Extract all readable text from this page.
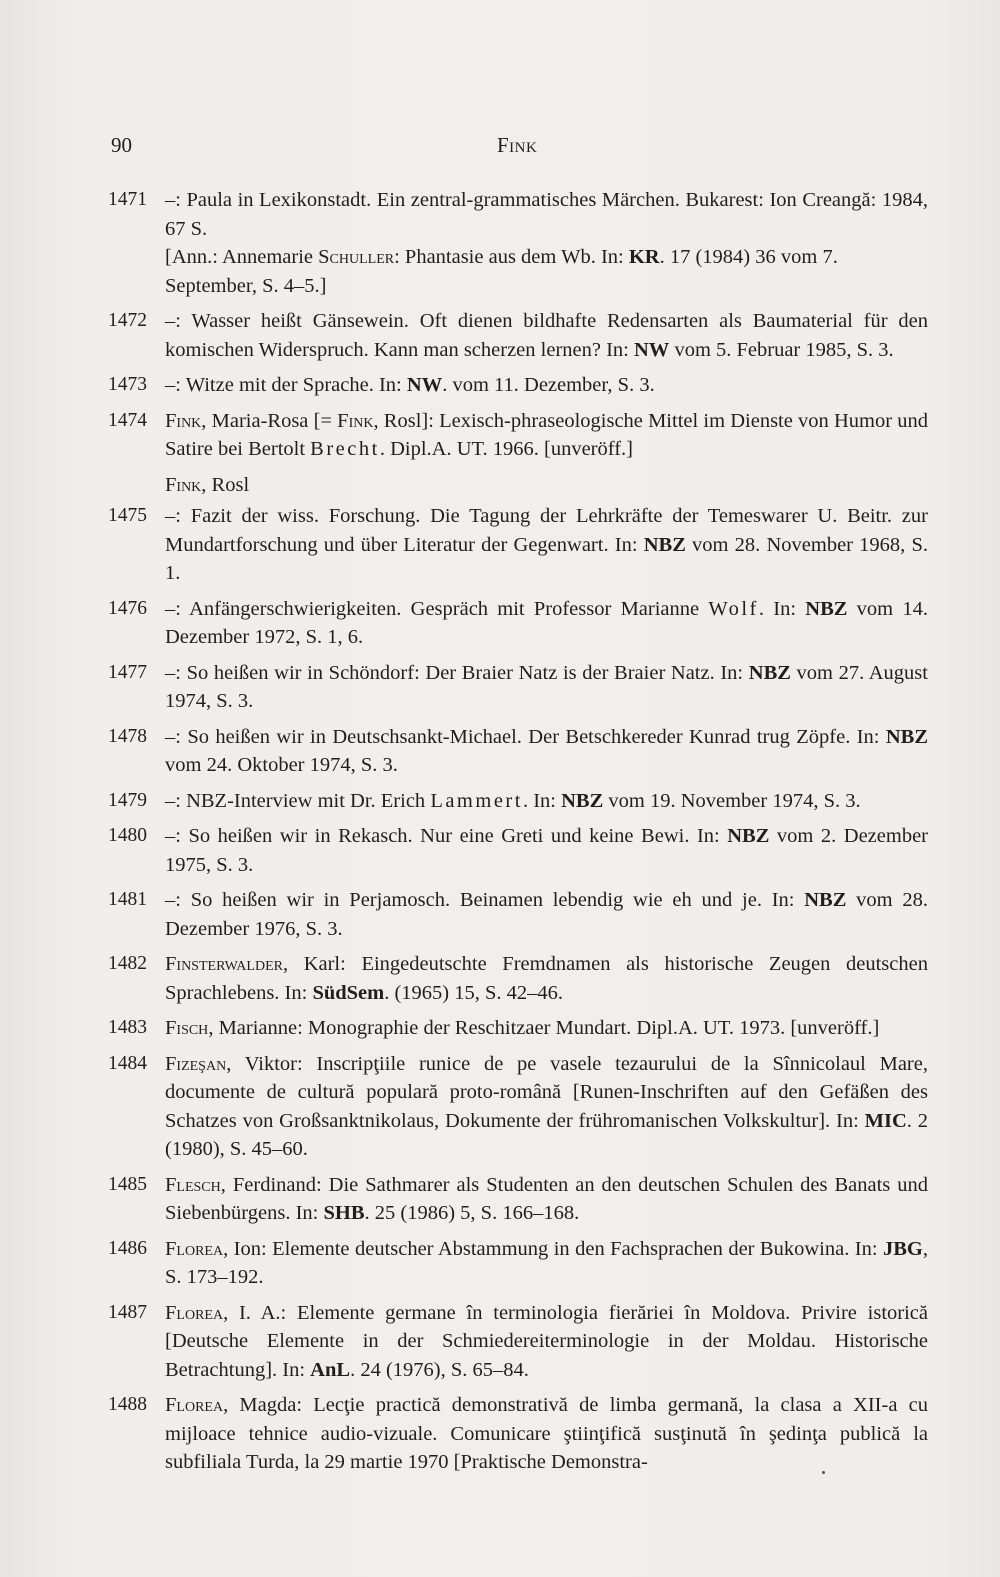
90	Fink
1471 –: Paula in Lexikonstadt. Ein zentral-grammatisches Märchen. Bukarest: Ion Creangă: 1984, 67 S.
[Ann.: Annemarie Schuller: Phantasie aus dem Wb. In: KR. 17 (1984) 36 vom 7. September, S. 4–5.]
1472 –: Wasser heißt Gänsewein. Oft dienen bildhafte Redensarten als Baumaterial für den komischen Widerspruch. Kann man scherzen lernen? In: NW vom 5. Februar 1985, S. 3.
1473 –: Witze mit der Sprache. In: NW. vom 11. Dezember, S. 3.
1474 Fink, Maria-Rosa [= Fink, Rosl]: Lexisch-phraseologische Mittel im Dienste von Humor und Satire bei Bertolt Brecht. Dipl.A. UT. 1966. [unveröff.]
Fink, Rosl
1475 –: Fazit der wiss. Forschung. Die Tagung der Lehrkräfte der Temeswarer U. Beitr. zur Mundartforschung und über Literatur der Gegenwart. In: NBZ vom 28. November 1968, S. 1.
1476 –: Anfängerschwierigkeiten. Gespräch mit Professor Marianne Wolf. In: NBZ vom 14. Dezember 1972, S. 1, 6.
1477 –: So heißen wir in Schöndorf: Der Braier Natz is der Braier Natz. In: NBZ vom 27. August 1974, S. 3.
1478 –: So heißen wir in Deutschsankt-Michael. Der Betschkereder Kunrad trug Zöpfe. In: NBZ vom 24. Oktober 1974, S. 3.
1479 –: NBZ-Interview mit Dr. Erich Lammert. In: NBZ vom 19. November 1974, S. 3.
1480 –: So heißen wir in Rekasch. Nur eine Greti und keine Bewi. In: NBZ vom 2. Dezember 1975, S. 3.
1481 –: So heißen wir in Perjamosch. Beinamen lebendig wie eh und je. In: NBZ vom 28. Dezember 1976, S. 3.
1482 Finsterwalder, Karl: Eingedeutschte Fremdnamen als historische Zeugen deutschen Sprachlebens. In: SüdSem. (1965) 15, S. 42–46.
1483 Fisch, Marianne: Monographie der Reschitzaer Mundart. Dipl.A. UT. 1973. [unveröff.]
1484 Fizeşan, Viktor: Inscripţiile runice de pe vasele tezaurului de la Sînnicolaul Mare, documente de cultură populară proto-română [Runen-Inschriften auf den Gefäßen des Schatzes von Großsanktnikolaus, Dokumente der frühromanischen Volkskultur]. In: MIC. 2 (1980), S. 45–60.
1485 Flesch, Ferdinand: Die Sathmarer als Studenten an den deutschen Schulen des Banats und Siebenbürgens. In: SHB. 25 (1986) 5, S. 166–168.
1486 Florea, Ion: Elemente deutscher Abstammung in den Fachsprachen der Bukowina. In: JBG, S. 173–192.
1487 Florea, I. A.: Elemente germane în terminologia fierăriei în Moldova. Privire istorică [Deutsche Elemente in der Schmiedereiterminologie in der Moldau. Historische Betrachtung]. In: AnL. 24 (1976), S. 65–84.
1488 Florea, Magda: Lecţie practică demonstrativă de limba germană, la clasa a XII-a cu mijloace tehnice audio-vizuale. Comunicare ştiinţifică susţinută în şedinţa publică la subfiliala Turda, la 29 martie 1970 [Praktische Demonstra-
